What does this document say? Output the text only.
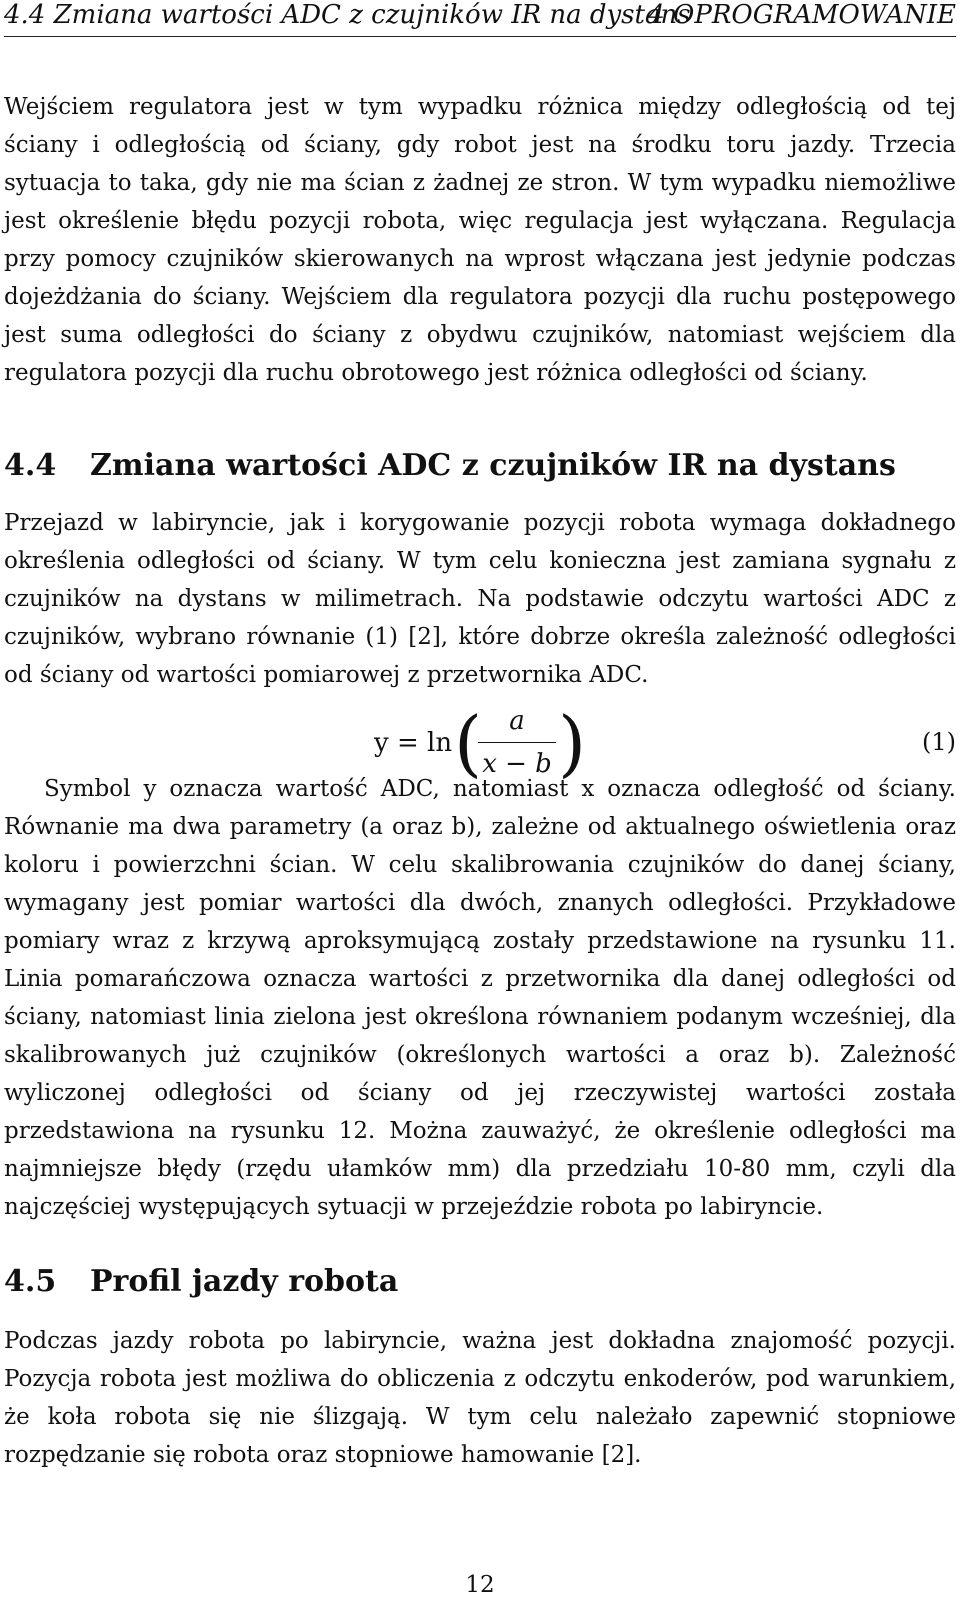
4.4 Zmiana wartości ADC z czujników IR na dystans
4 OPROGRAMOWANIE

Wejściem regulatora jest w tym wypadku różnica między odległością od tej ściany i odległością od ściany, gdy robot jest na środku toru jazdy. Trzecia sytuacja to taka, gdy nie ma ścian z żadnej ze stron. W tym wypadku niemożliwe jest określenie błędu pozycji robota, więc regulacja jest wyłączana. Regulacja przy pomocy czujników skierowanych na wprost włączana jest jedynie podczas dojeżdżania do ściany. Wejściem dla regulatora pozycji dla ruchu postępowego jest suma odległości do ściany z obydwu czujników, natomiast wejściem dla regulatora pozycji dla ruchu obrotowego jest różnica odległości od ściany.

4.4 Zmiana wartości ADC z czujników IR na dystans

Przejazd w labiryncie, jak i korygowanie pozycji robota wymaga dokładnego określenia odległości od ściany. W tym celu konieczna jest zamiana sygnału z czujników na dystans w milimetrach. Na podstawie odczytu wartości ADC z czujników, wybrano równanie (1) [2], które dobrze określa zależność odległości od ściany od wartości pomiarowej z przetwornika ADC.

y = ln (	a
x − b )	(1)

Symbol y oznacza wartość ADC, natomiast x oznacza odległość od ściany. Równanie ma dwa parametry (a oraz b), zależne od aktualnego oświetlenia oraz koloru i powierzchni ścian. W celu skalibrowania czujników do danej ściany, wymagany jest pomiar wartości dla dwóch, znanych odległości. Przykładowe pomiary wraz z krzywą aproksymującą zostały przedstawione na rysunku 11. Linia pomarańczowa oznacza wartości z przetwornika dla danej odległości od ściany, natomiast linia zielona jest określona równaniem podanym wcześniej, dla skalibrowanych już czujników (określonych wartości a oraz b). Zależność wyliczonej odległości od ściany od jej rzeczywistej wartości została przedstawiona na rysunku 12. Można zauważyć, że określenie odległości ma najmniejsze błędy (rzędu ułamków mm) dla przedziału 10-80 mm, czyli dla najczęściej występujących sytuacji w przejeździe robota po labiryncie.

4.5 Profil jazdy robota

Podczas jazdy robota po labiryncie, ważna jest dokładna znajomość pozycji. Pozycja robota jest możliwa do obliczenia z odczytu enkoderów, pod warunkiem, że koła robota się nie ślizgają. W tym celu należało zapewnić stopniowe rozpędzanie się robota oraz stopniowe hamowanie [2].

12
